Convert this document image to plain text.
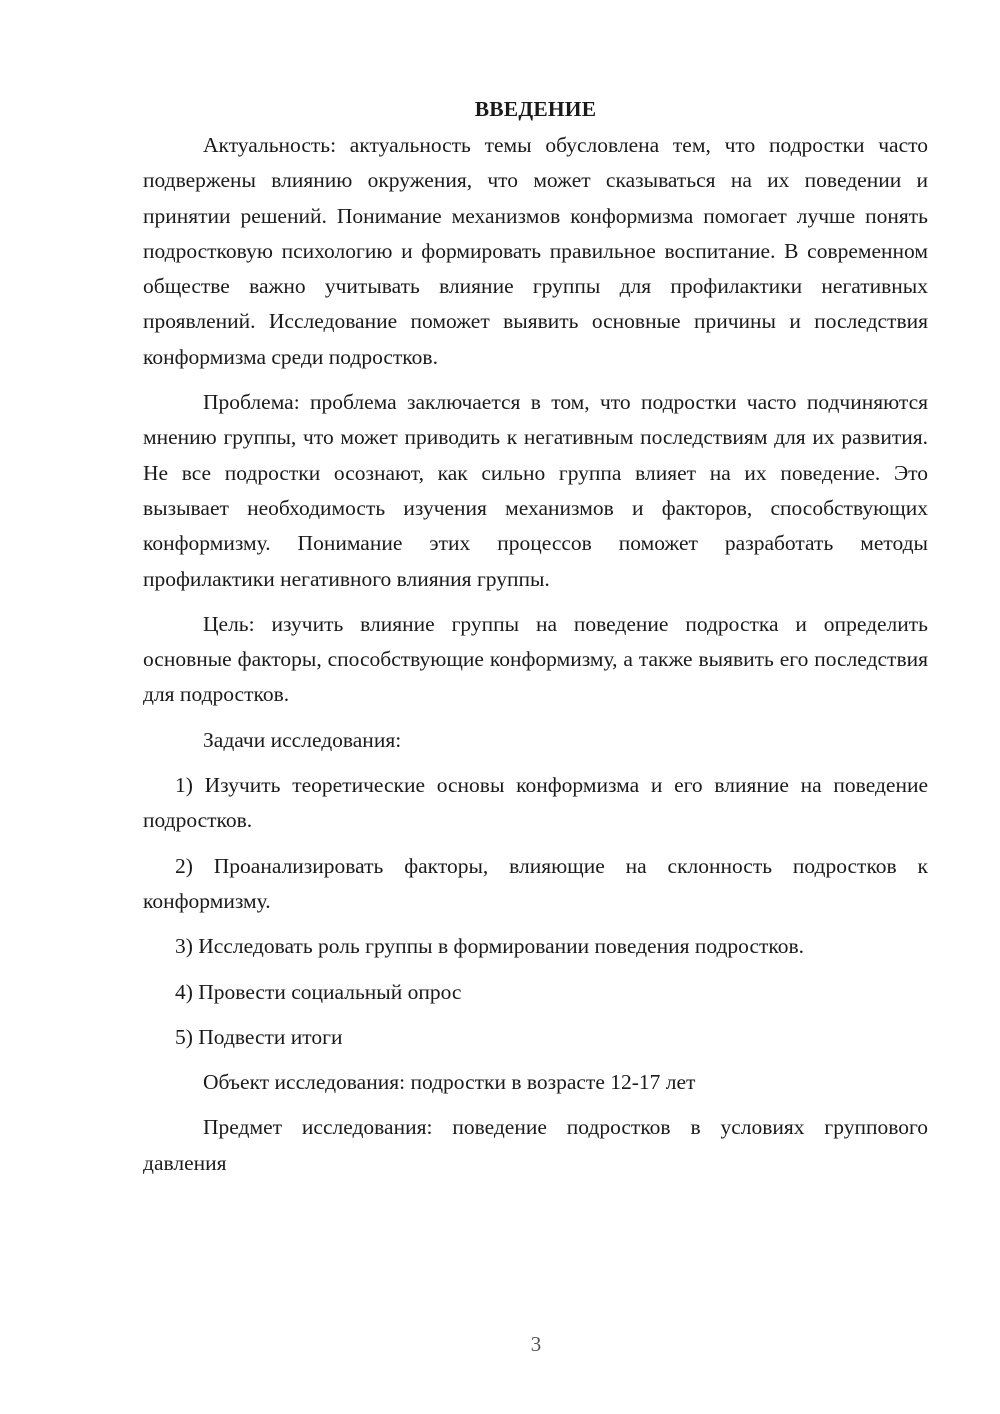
ВВЕДЕНИЕ

Актуальность: актуальность темы обусловлена тем, что подростки часто подвержены влиянию окружения, что может сказываться на их поведении и принятии решений. Понимание механизмов конформизма помогает лучше понять подростковую психологию и формировать правильное воспитание. В современном обществе важно учитывать влияние группы для профилактики негативных проявлений. Исследование поможет выявить основные причины и последствия конформизма среди подростков.

Проблема: проблема заключается в том, что подростки часто подчиняются мнению группы, что может приводить к негативным последствиям для их развития. Не все подростки осознают, как сильно группа влияет на их поведение. Это вызывает необходимость изучения механизмов и факторов, способствующих конформизму. Понимание этих процессов поможет разработать методы профилактики негативного влияния группы.

Цель: изучить влияние группы на поведение подростка и определить основные факторы, способствующие конформизму, а также выявить его последствия для подростков.

Задачи исследования:

1) Изучить теоретические основы конформизма и его влияние на поведение подростков.

2) Проанализировать факторы, влияющие на склонность подростков к конформизму.

3) Исследовать роль группы в формировании поведения подростков.

4) Провести социальный опрос

5) Подвести итоги

Объект исследования: подростки в возрасте 12-17 лет

Предмет исследования: поведение подростков в условиях группового давления

3
